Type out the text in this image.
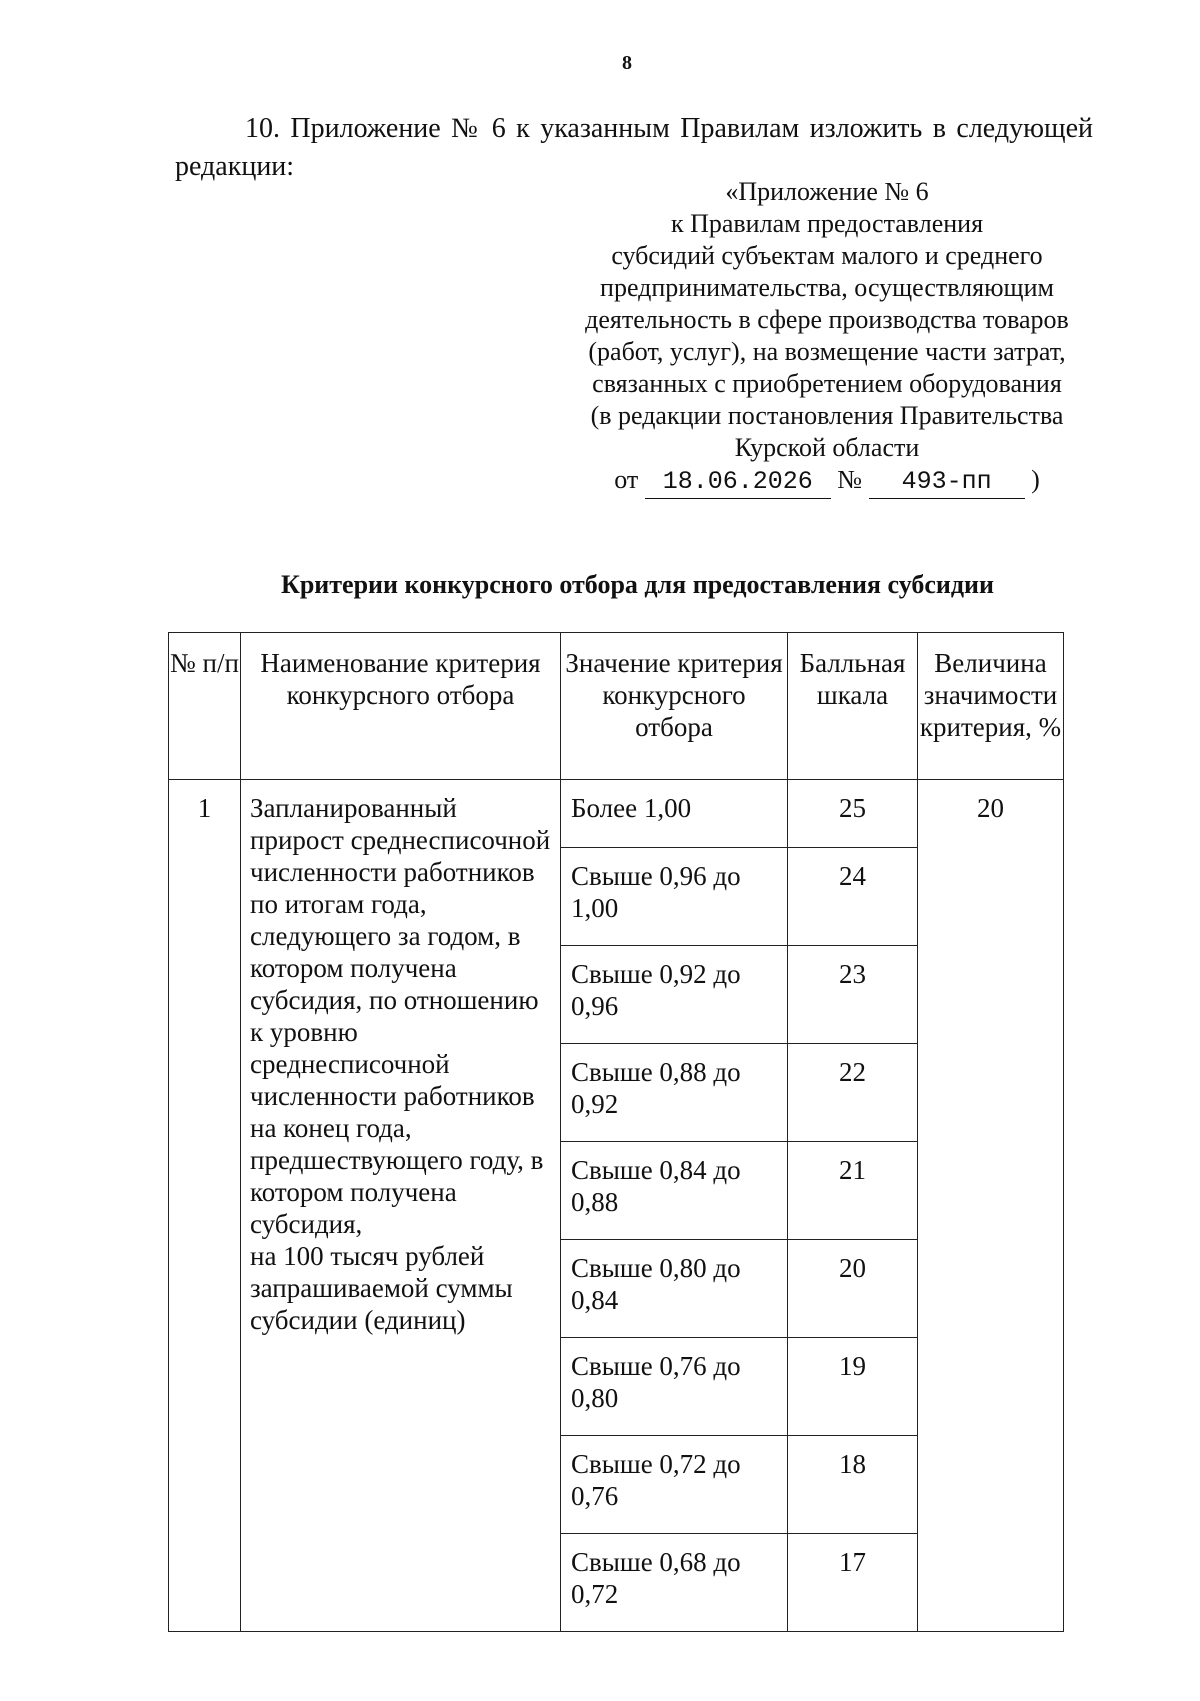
8
10. Приложение № 6 к указанным Правилам изложить в следующей редакции:
«Приложение № 6
к Правилам предоставления
субсидий субъектам малого и среднего
предпринимательства, осуществляющим
деятельность в сфере производства товаров
(работ, услуг), на возмещение части затрат,
связанных с приобретением оборудования
(в редакции постановления Правительства
Курской области
от 18.06.2026 № 493-пп )
Критерии конкурсного отбора для предоставления субсидии
№ п/п	Наименование критерия конкурсного отбора	Значение критерия конкурсного отбора	Балльная шкала	Величина значимости критерия, %
1	Запланированный прирост среднесписочной численности работников по итогам года, следующего за годом, в котором получена субсидия, по отношению к уровню среднесписочной численности работников на конец года, предшествующего году, в котором получена субсидия,
на 100 тысяч рублей запрашиваемой суммы субсидии (единиц)	Более 1,00	25	20
		Свыше 0,96 до 1,00	24	
		Свыше 0,92 до 0,96	23	
		Свыше 0,88 до 0,92	22	
		Свыше 0,84 до 0,88	21	
		Свыше 0,80 до 0,84	20	
		Свыше 0,76 до 0,80	19	
		Свыше 0,72 до 0,76	18	
		Свыше 0,68 до 0,72	17	
